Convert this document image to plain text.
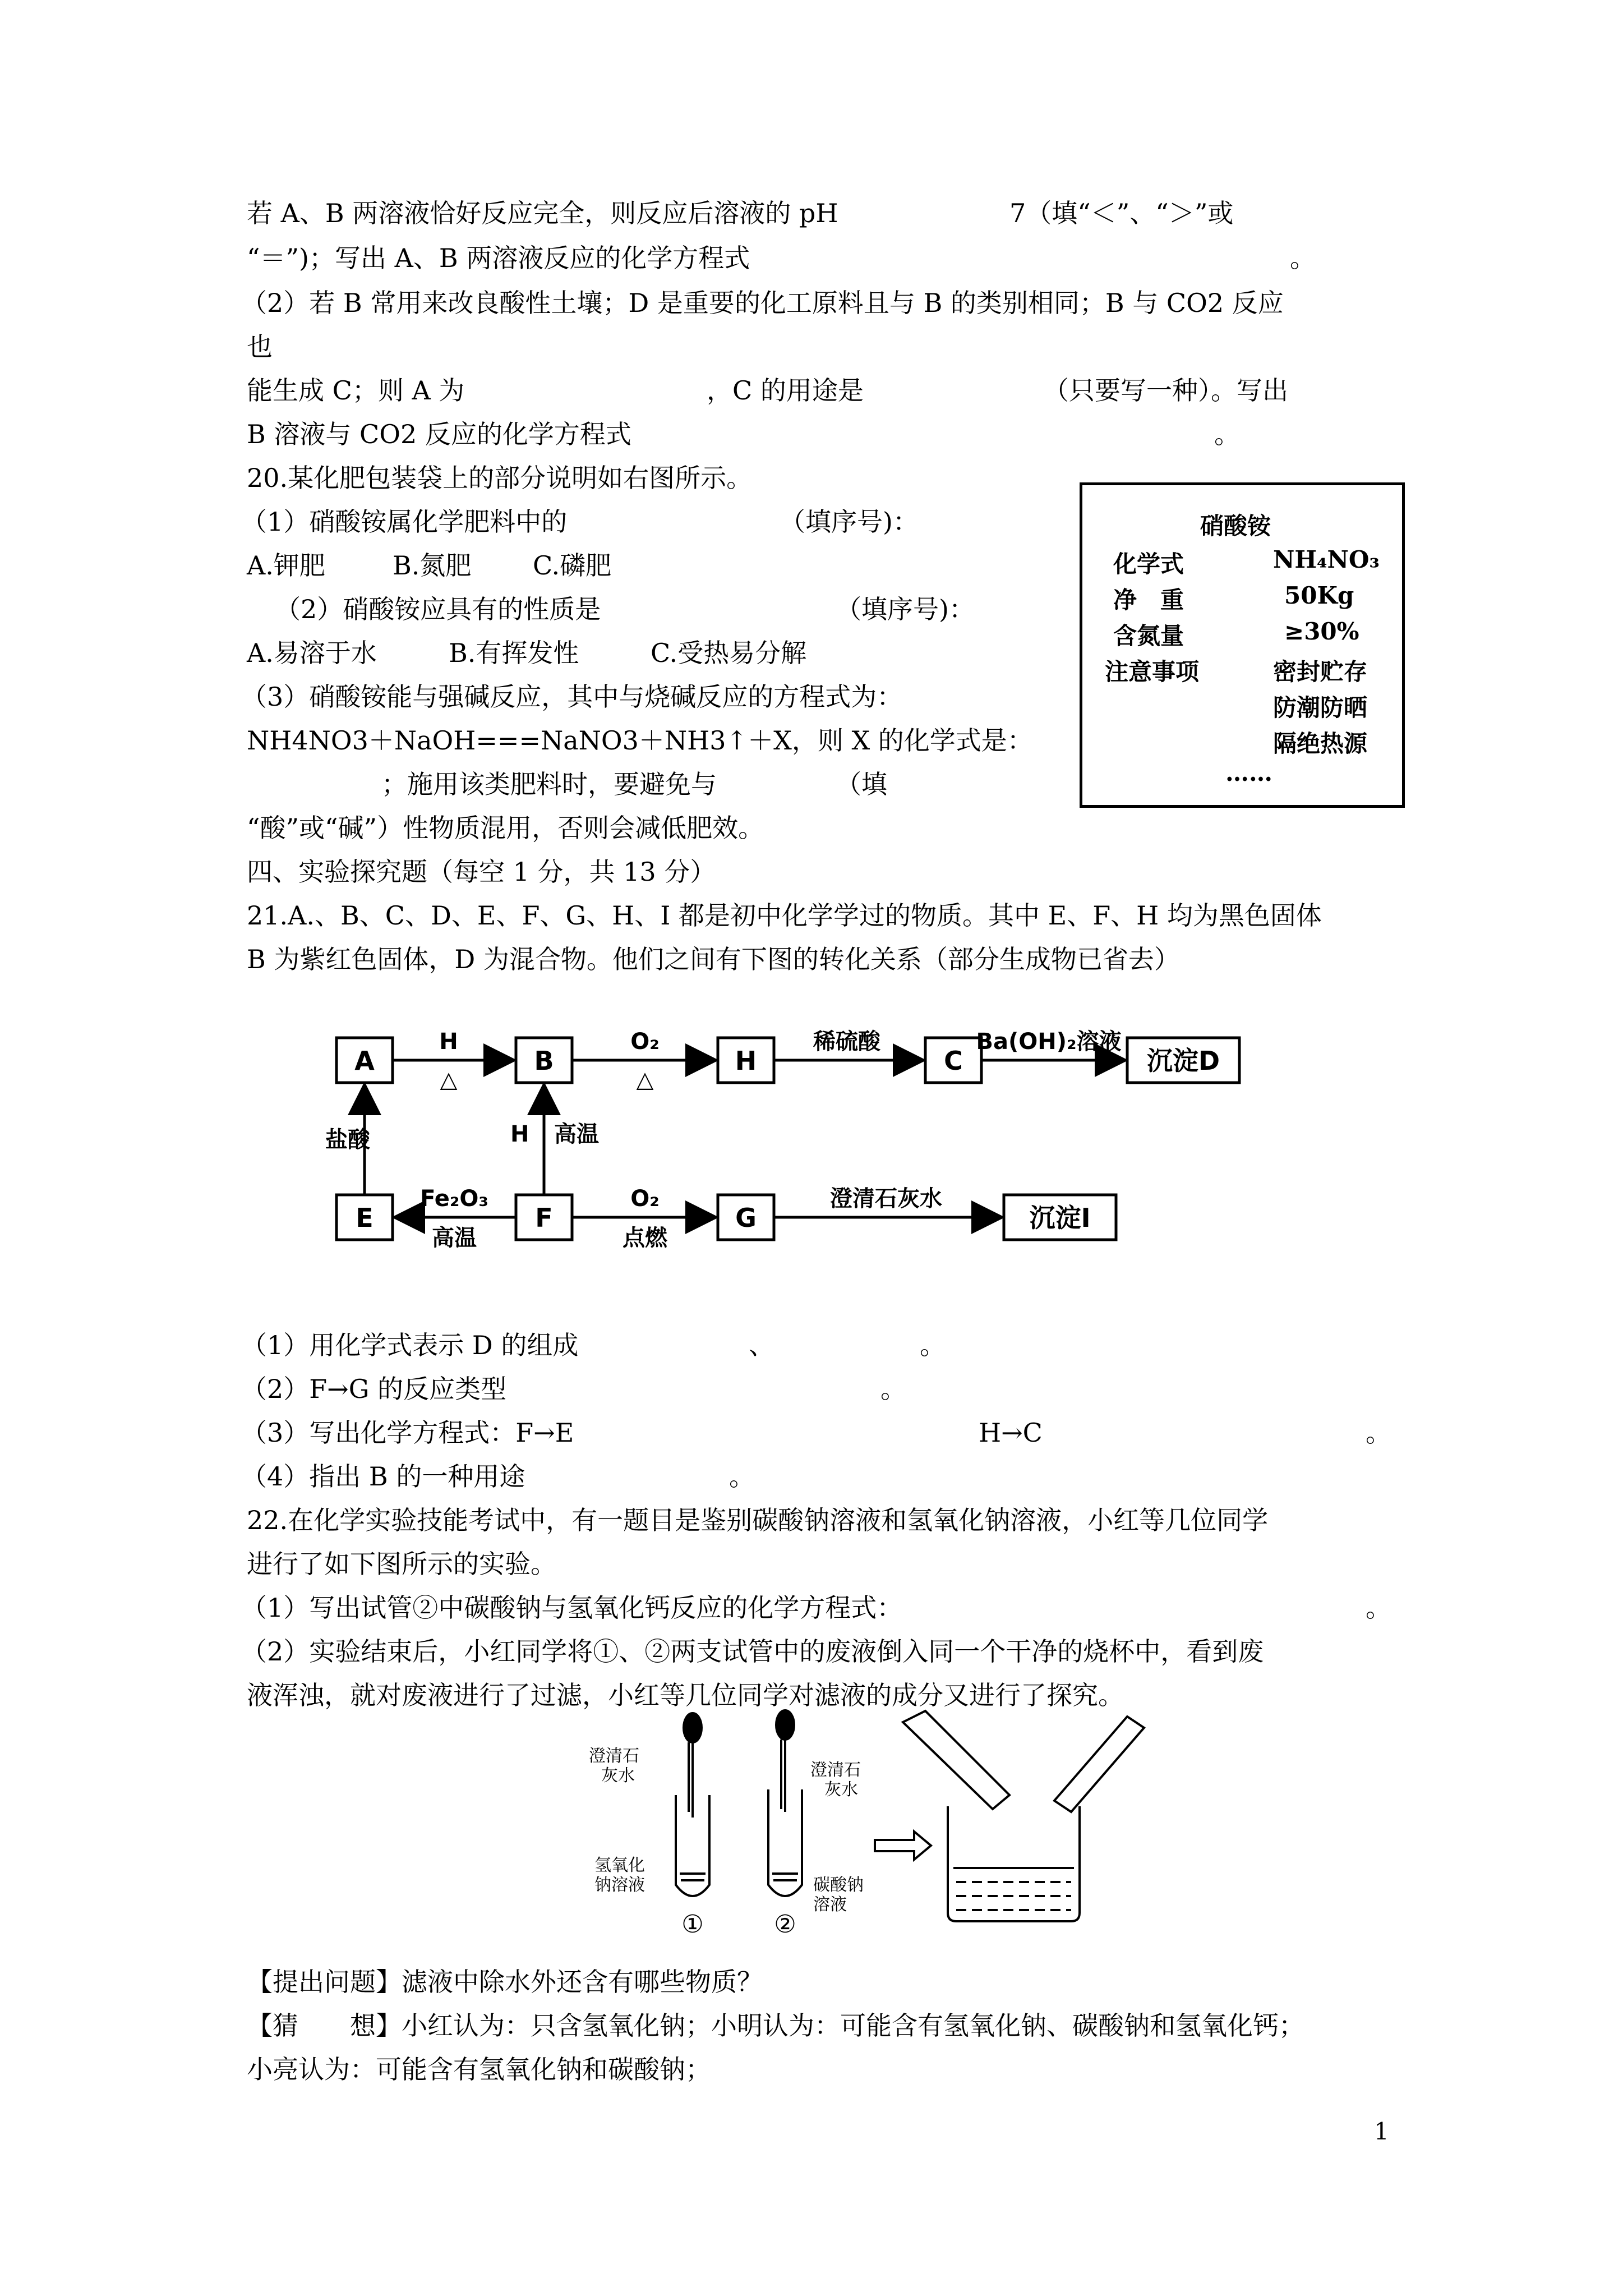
若 A、B 两溶液恰好反应完全，则反应后溶液的 pH	7（填“＜”、“＞”或
“＝”)；写出 A、B 两溶液反应的化学方程式	。
（2）若 B 常用来改良酸性土壤；D 是重要的化工原料且与 B 的类别相同；B 与 CO2 反应
也
能生成 C；则 A 为	，C 的用途是	（只要写一种）。写出
B 溶液与 CO2 反应的化学方程式	。
20.某化肥包装袋上的部分说明如右图所示。
（1）硝酸铵属化学肥料中的	（填序号)：
A.钾肥	B.氮肥 C.磷肥
（2）硝酸铵应具有的性质是	（填序号)：
A.易溶于水	B.有挥发性	C.受热易分解
（3）硝酸铵能与强碱反应，其中与烧碱反应的方程式为：
NH4NO3＋NaOH===NaNO3＋NH3↑＋X，则 X 的化学式是：
；施用该类肥料时，要避免与	（填
“酸”或“碱”）性物质混用，否则会减低肥效。
四、实验探究题（每空 1 分，共 13 分）
21.A.、B、C、D、E、F、G、H、I 都是初中化学学过的物质。其中 E、F、H 均为黑色固体
B 为紫红色固体，D 为混合物。他们之间有下图的转化关系（部分生成物已省去）
（1）用化学式表示 D 的组成	、	。
（2）F→G 的反应类型	。
（3）写出化学方程式：F→E	H→C	。
（4）指出 B 的一种用途	。
22.在化学实验技能考试中，有一题目是鉴别碳酸钠溶液和氢氧化钠溶液，小红等几位同学
进行了如下图所示的实验。
（1）写出试管②中碳酸钠与氢氧化钙反应的化学方程式：	。
（2）实验结束后，小红同学将①、②两支试管中的废液倒入同一个干净的烧杯中，看到废
液浑浊，就对废液进行了过滤，小红等几位同学对滤液的成分又进行了探究。
【提出问题】滤液中除水外还含有哪些物质？
【猜　　想】小红认为：只含氢氧化钠；小明认为：可能含有氢氧化钠、碳酸钠和氢氧化钙；
小亮认为：可能含有氢氧化钠和碳酸钠；
硝酸铵
化学式	NH₄NO₃
净　重	50Kg
含氮量	≥30%
注意事项	密封贮存
防潮防晒
隔绝热源
……
A	B	H	C	沉淀D
E	F	G	沉淀I
H
△
O₂
△
稀硫酸	Ba(OH)₂溶液
盐酸	H 高温
Fe₂O₃
高温
O₂
点燃
澄清石灰水
澄清石
灰水	澄清石
灰水
氢氧化
钠溶液	碳酸钠
溶液
①	②
1
